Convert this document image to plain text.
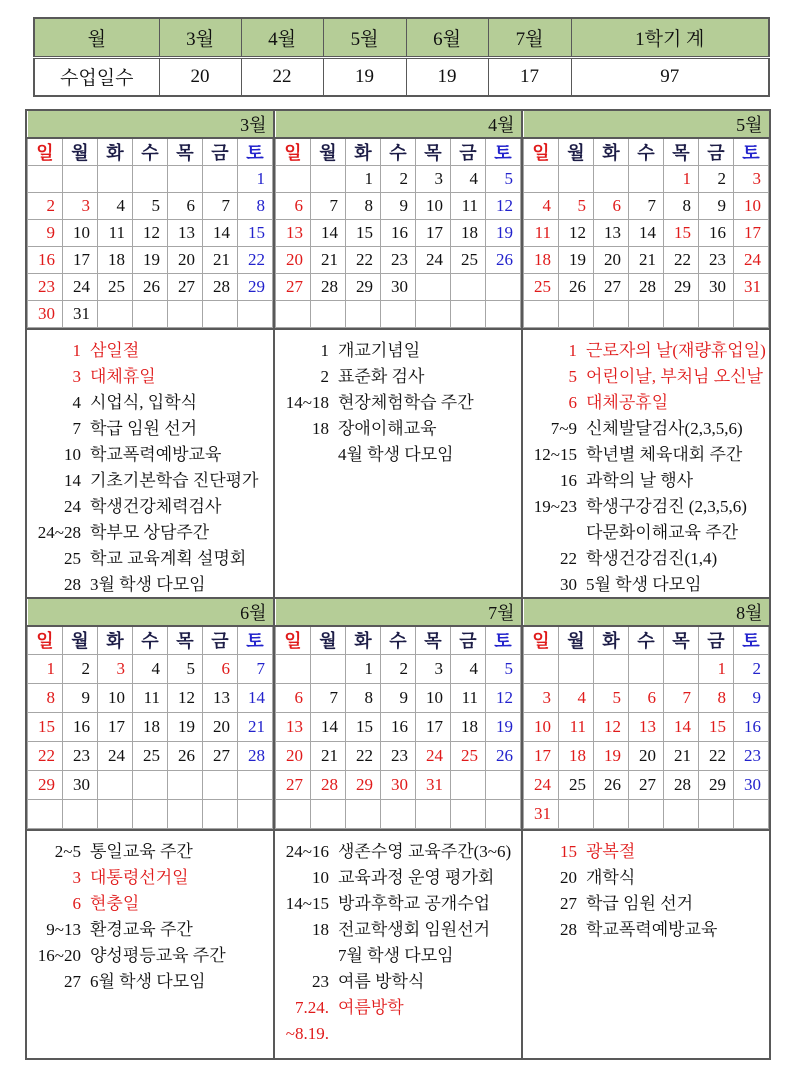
월	3월	4월	5월	6월	7월	1학기 계
수업일수	20	22	19	19	17	97
3월						
일	월	화	수	목	금	토
						1
2	3	4	5	6	7	8
9	10	11	12	13	14	15
16	17	18	19	20	21	22
23	24	25	26	27	28	29
30	31					
1 삼일절
3 대체휴일
4 시업식, 입학식
7 학급 임원 선거
10 학교폭력예방교육
14 기초기본학습 진단평가
24 학생건강체력검사
24~28 학부모 상담주간
25 학교 교육계획 설명회
28 3월 학생 다모임
4월						
일	월	화	수	목	금	토
		1	2	3	4	5
6	7	8	9	10	11	12
13	14	15	16	17	18	19
20	21	22	23	24	25	26
27	28	29	30			

1 개교기념일
2 표준화 검사
14~18 현장체험학습 주간
18 장애이해교육
4월 학생 다모임
5월						
일	월	화	수	목	금	토
				1	2	3
4	5	6	7	8	9	10
11	12	13	14	15	16	17
18	19	20	21	22	23	24
25	26	27	28	29	30	31

1 근로자의 날(재량휴업일)
5 어린이날, 부처님 오신날
6 대체공휴일
7~9 신체발달검사(2,3,5,6)
12~15 학년별 체육대회 주간
16 과학의 날 행사
19~23 학생구강검진 (2,3,5,6)
다문화이해교육 주간
22 학생건강검진(1,4)
30 5월 학생 다모임
6월						
일	월	화	수	목	금	토
1	2	3	4	5	6	7
8	9	10	11	12	13	14
15	16	17	18	19	20	21
22	23	24	25	26	27	28
29	30					

2~5 통일교육 주간
3 대통령선거일
6 현충일
9~13 환경교육 주간
16~20 양성평등교육 주간
27 6월 학생 다모임
7월						
일	월	화	수	목	금	토
		1	2	3	4	5
6	7	8	9	10	11	12
13	14	15	16	17	18	19
20	21	22	23	24	25	26
27	28	29	30	31		

24~16 생존수영 교육주간(3~6)
10 교육과정 운영 평가회
14~15 방과후학교 공개수업
18 전교학생회 임원선거
7월 학생 다모임
23 여름 방학식
7.24. 여름방학
~8.19.
8월						
일	월	화	수	목	금	토
					1	2
3	4	5	6	7	8	9
10	11	12	13	14	15	16
17	18	19	20	21	22	23
24	25	26	27	28	29	30
31						
15 광복절
20 개학식
27 학급 임원 선거
28 학교폭력예방교육
